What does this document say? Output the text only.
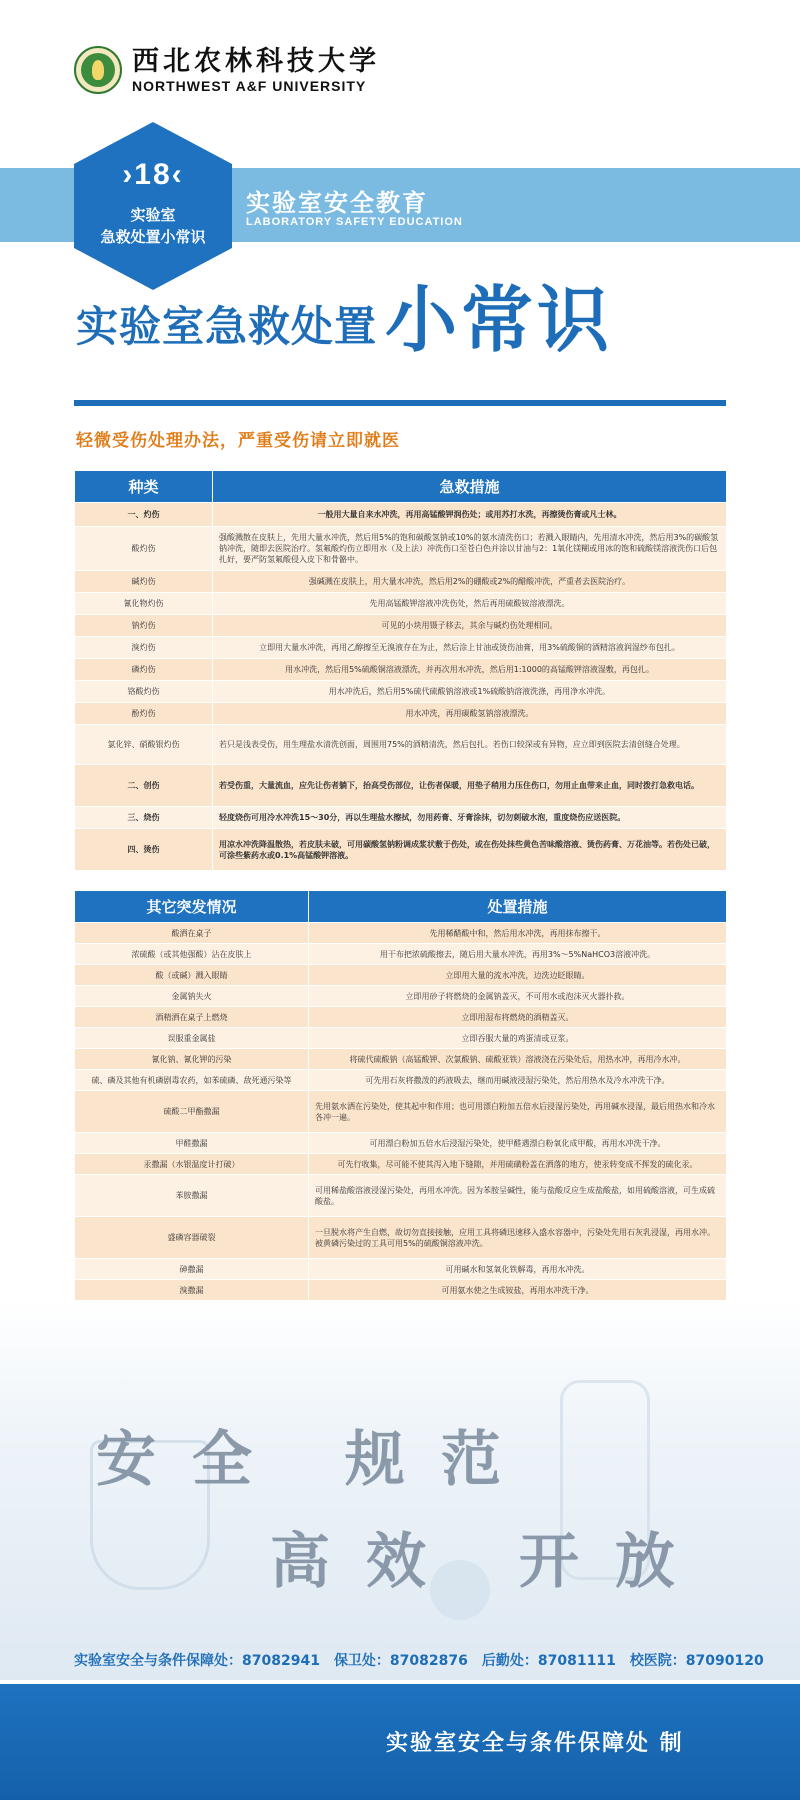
西北农林科技大学
NORTHWEST A&F UNIVERSITY
实验室安全教育
LABORATORY SAFETY EDUCATION
›18‹
实验室
急救处置小常识
实验室急救处置 小常识
轻微受伤处理办法，严重受伤请立即就医
种类	急救措施
一、灼伤	一般用大量自来水冲洗，再用高锰酸钾润伤处；或用苏打水洗，再擦烫伤膏或凡士林。
酸灼伤	强酸溅散在皮肤上，先用大量水冲洗，然后用5%的饱和碳酸氢钠或10%的氨水清洗伤口；若溅入眼睛内，先用清水冲洗，然后用3%的碳酸氢钠冲洗，随即去医院治疗。氢氟酸灼伤立即用水（及上法）冲洗伤口至苍白色并涂以甘油与2：1氧化镁糊或用冰的饱和硫酸镁溶液洗伤口后包扎好，要严防氢氟酸侵入皮下和骨骼中。
碱灼伤	强碱溅在皮肤上，用大量水冲洗，然后用2%的硼酸或2%的醋酸冲洗，严重者去医院治疗。
氰化物灼伤	先用高锰酸钾溶液冲洗伤处，然后再用硫酸铵溶液漂洗。
钠灼伤	可见的小块用镊子移去，其余与碱灼伤处理相同。
溴灼伤	立即用大量水冲洗，再用乙醇擦至无溴液存在为止，然后涂上甘油或烫伤油膏，用3%硫酸铜的酒精溶液润湿纱布包扎。
磷灼伤	用水冲洗，然后用5%硫酸铜溶液漂洗，并再次用水冲洗，然后用1:1000的高锰酸钾溶液湿敷，再包扎。
铬酸灼伤	用水冲洗后，然后用5%硫代硫酸钠溶液或1%硫酸钠溶液洗涤，再用净水冲洗。
酚灼伤	用水冲洗，再用碳酸氢钠溶液漂洗。
氯化锌、硝酸银灼伤	若只是浅表受伤，用生理盐水清洗创面，周围用75%的酒精清洗，然后包扎。若伤口较深或有异物，应立即到医院去清创缝合处理。
二、创伤	若受伤重，大量流血，应先让伤者躺下，抬高受伤部位，让伤者保暖，用垫子稍用力压住伤口，勿用止血带来止血，同时拨打急救电话。
三、烧伤	轻度烧伤可用冷水冲洗15～30分，再以生理盐水擦拭，勿用药膏、牙膏涂抹，切勿刺破水泡，重度烧伤应送医院。
四、烫伤	用凉水冲洗降温散热，若皮肤未破，可用碳酸氢钠粉调成浆状敷于伤处，或在伤处抹些黄色苦味酸溶液、烫伤药膏、万花油等。若伤处已破，可涂些紫药水或0.1%高锰酸钾溶液。
其它突发情况	处置措施
酸洒在桌子	先用稀醋酸中和，然后用水冲洗，再用抹布擦干。
浓硫酸（或其他强酸）沾在皮肤上	用干布把浓硫酸擦去，随后用大量水冲洗，再用3%～5%NaHCO3溶液冲洗。
酸（或碱）溅入眼睛	立即用大量的流水冲洗，边洗边眨眼睛。
金属钠失火	立即用砂子将燃烧的金属钠盖灭，不可用水或泡沫灭火器扑救。
酒精洒在桌子上燃烧	立即用湿布将燃烧的酒精盖灭。
误服重金属盐	立即吞服大量的鸡蛋清或豆浆。
氰化钠、氰化钾的污染	将硫代硫酸钠（高锰酸钾、次氯酸钠、硫酸亚铁）溶液浇在污染处后，用热水冲，再用冷水冲。
硫、磷及其他有机磷剧毒农药，如苯硫磷、敌死通污染等	可先用石灰将撒泼的药液吸去，继而用碱液浸湿污染处，然后用热水及冷水冲洗干净。
硫酸二甲酯撒漏	先用氨水洒在污染处，使其起中和作用；也可用漂白粉加五倍水后浸湿污染处，再用碱水浸湿，最后用热水和冷水各冲一遍。
甲醛撒漏	可用漂白粉加五倍水后浸湿污染处，使甲醛遇漂白粉氧化成甲酸，再用水冲洗干净。
汞撒漏（水银温度计打破）	可先行收集，尽可能不使其泻入地下缝隙，并用硫磺粉盖在洒落的地方，使汞转变成不挥发的硫化汞。
苯胺撒漏	可用稀盐酸溶液浸湿污染处，再用水冲洗。因为苯胺呈碱性，能与盐酸反应生成盐酸盐，如用硫酸溶液，可生成硫酸盐。
盛磷容器破裂	一旦脱水将产生自燃，故切勿直接接触，应用工具将磷迅速移入盛水容器中，污染处先用石灰乳浸湿，再用水冲。被黄磷污染过的工具可用5%的硫酸铜溶液冲洗。
砷撒漏	可用碱水和氢氧化铁解毒，再用水冲洗。
溴撒漏	可用氨水使之生成铵盐，再用水冲洗干净。
安全 规范
高效 开放
实验室安全与条件保障处：87082941 保卫处：87082876 后勤处：87081111 校医院：87090120
实验室安全与条件保障处 制
